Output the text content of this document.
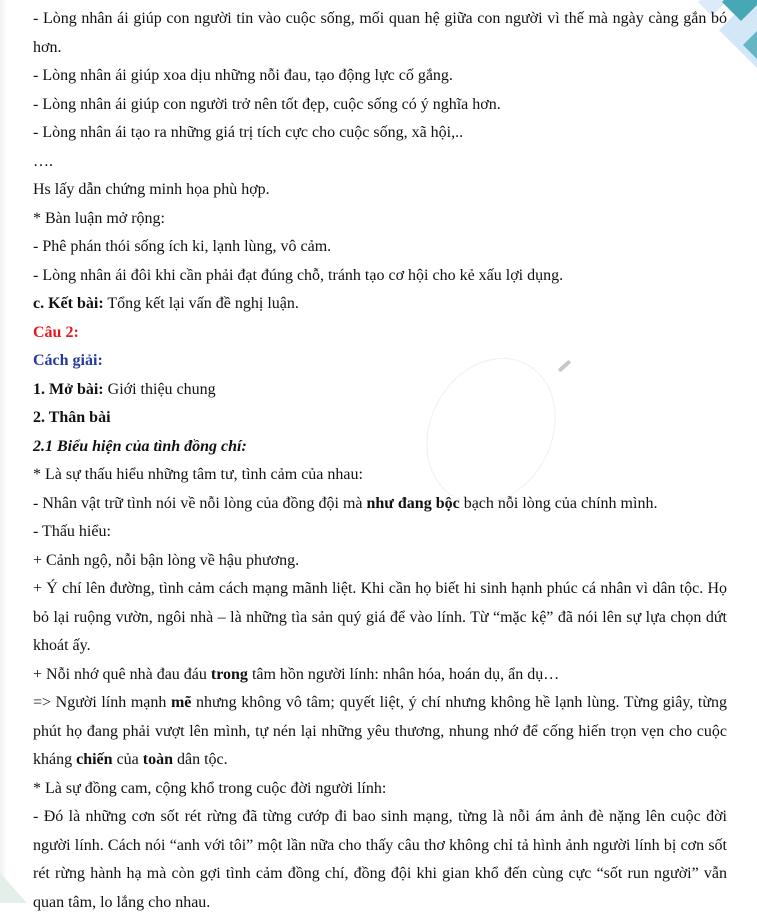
- Lòng nhân ái giúp con người tin vào cuộc sống, mối quan hệ giữa con người vì thế mà ngày càng gắn bó hơn.

- Lòng nhân ái giúp xoa dịu những nỗi đau, tạo động lực cố gắng.

- Lòng nhân ái giúp con người trở nên tốt đẹp, cuộc sống có ý nghĩa hơn.

- Lòng nhân ái tạo ra những giá trị tích cực cho cuộc sống, xã hội,..

….

Hs lấy dẫn chứng minh họa phù hợp.

* Bàn luận mở rộng:

- Phê phán thói sống ích ki, lạnh lùng, vô cảm.

- Lòng nhân ái đôi khi cần phải đạt đúng chỗ, tránh tạo cơ hội cho kẻ xấu lợi dụng.

c. Kết bài: Tổng kết lại vấn đề nghị luận.

Câu 2:

Cách giải:

1. Mở bài: Giới thiệu chung

2. Thân bài

2.1 Biểu hiện của tình đồng chí:

* Là sự thấu hiểu những tâm tư, tình cảm của nhau:

- Nhân vật trữ tình nói về nỗi lòng của đồng đội mà như đang bộc bạch nỗi lòng của chính mình.

- Thấu hiểu:

+ Cảnh ngộ, nỗi bận lòng về hậu phương.

+ Ý chí lên đường, tình cảm cách mạng mãnh liệt. Khi cần họ biết hi sinh hạnh phúc cá nhân vì dân tộc. Họ bỏ lại ruộng vườn, ngôi nhà – là những tìa sản quý giá để vào lính. Từ “mặc kệ” đã nói lên sự lựa chọn dứt khoát ấy.

+ Nỗi nhớ quê nhà đau đáu trong tâm hồn người lính: nhân hóa, hoán dụ, ẩn dụ…

=> Người lính mạnh mẽ nhưng không vô tâm; quyết liệt, ý chí nhưng không hề lạnh lùng. Từng giây, từng phút họ đang phải vượt lên mình, tự nén lại những yêu thương, nhung nhớ để cống hiến trọn vẹn cho cuộc kháng chiến của toàn dân tộc.

* Là sự đồng cam, cộng khổ trong cuộc đời người lính:

- Đó là những cơn sốt rét rừng đã từng cướp đi bao sinh mạng, từng là nỗi ám ảnh đè nặng lên cuộc đời người lính. Cách nói “anh với tôi” một lần nữa cho thấy câu thơ không chỉ tả hình ảnh người lính bị cơn sốt rét rừng hành hạ mà còn gợi tình cảm đồng chí, đồng đội khi gian khổ đến cùng cực “sốt run người” vẫn quan tâm, lo lắng cho nhau.
